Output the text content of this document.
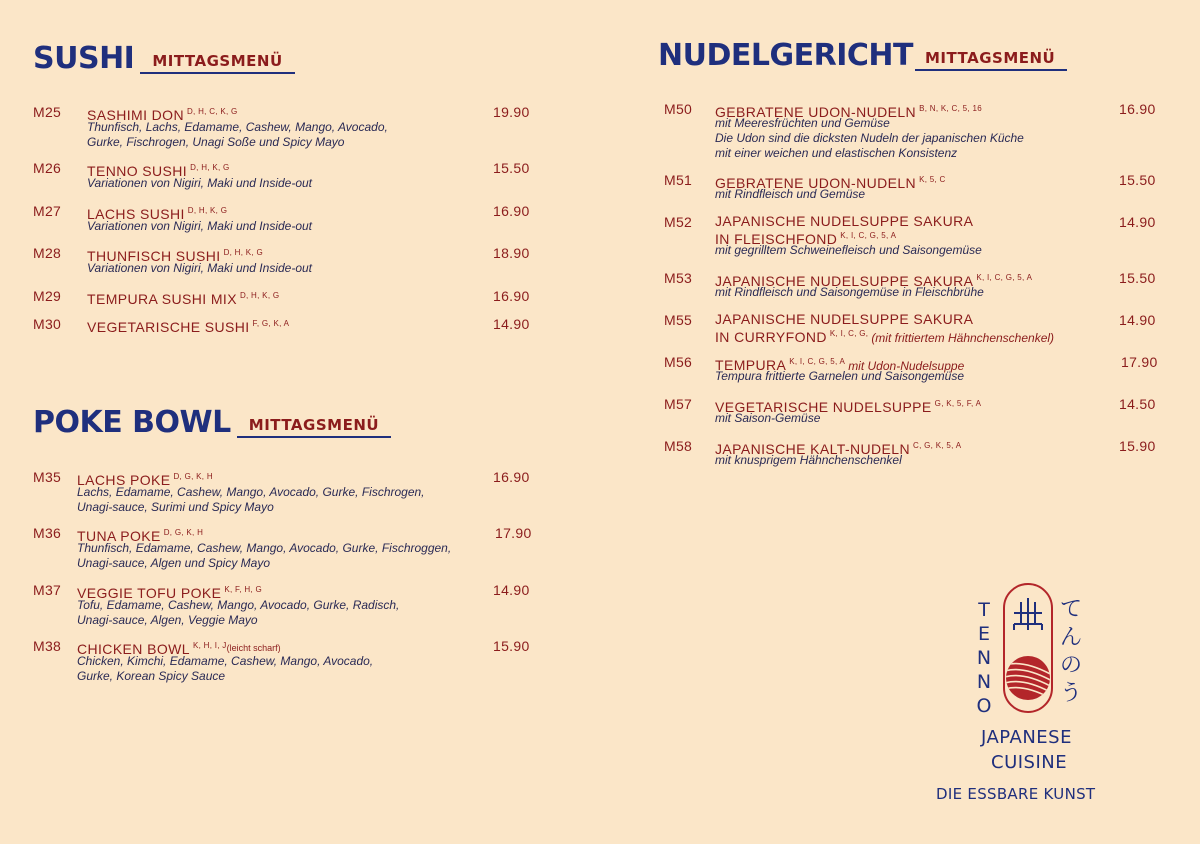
SUSHI	MITTAGSMENÜ
M25 SASHIMI DON $^{D, H, C, K, G}$
Thunfisch, Lachs, Edamame, Cashew, Mango, Avocado,
Gurke, Fischrogen, Unagi Soße und Spicy Mayo
19.90
M26 TENNO SUSHI $^{D, H, K, G}$
Variationen von Nigiri, Maki und Inside-out
15.50
M27 LACHS SUSHI $^{D, H, K, G}$
Variationen von Nigiri, Maki und Inside-out
16.90
M28 THUNFISCH SUSHI $^{D, H, K, G}$
Variationen von Nigiri, Maki und Inside-out
18.90
M29 TEMPURA SUSHI MIX $^{D, H, K, G}$	16.90
M30 VEGETARISCHE SUSHI $^{F, G, K, A}$	14.90
POKE BOWL	MITTAGSMENÜ
M35 LACHS POKE $^{D, G, K, H}$
Lachs, Edamame, Cashew, Mango, Avocado, Gurke, Fischrogen,
Unagi-sauce, Surimi und Spicy Mayo
16.90
M36 TUNA POKE $^{D, G, K, H}$
Thunfisch, Edamame, Cashew, Mango, Avocado, Gurke, Fischroggen,
Unagi-sauce, Algen und Spicy Mayo
17.90
M37 VEGGIE TOFU POKE $^{K, F, H, G}$
Tofu, Edamame, Cashew, Mango, Avocado, Gurke, Radisch,
Unagi-sauce, Algen, Veggie Mayo
14.90
M38 CHICKEN BOWL $^{K, H, I, J(leicht scharf)}$
Chicken, Kimchi, Edamame, Cashew, Mango, Avocado,
Gurke, Korean Spicy Sauce
15.90
NUDELGERICHT MITTAGSMENÜ
M50 GEBRATENE UDON-NUDELN $^{B, N, K, C, 5, 16}$
mit Meeresfrüchten und Gemüse
Die Udon sind die dicksten Nudeln der japanischen Küche
mit einer weichen und elastischen Konsistenz
16.90
M51 GEBRATENE UDON-NUDELN $^{K, 5, C}$
mit Rindfleisch und Gemüse
15.50
M52 JAPANISCHE NUDELSUPPE SAKURA
IN FLEISCHFOND $^{K, I, C, G, 5, A}$
mit gegrilltem Schweinefleisch und Saisongemüse
14.90
M53 JAPANISCHE NUDELSUPPE SAKURA $^{K, I, C, G, 5, A}$
mit Rindfleisch und Saisongemüse in Fleischbrühe
15.50
M55 JAPANISCHE NUDELSUPPE SAKURA
IN CURRYFOND $^{K, I, C, G,}$ (mit frittiertem Hähnchenschenkel)
14.90
M56 TEMPURA $^{K, I, C, G, 5, A}$ mit Udon-Nudelsuppe
Tempura frittierte Garnelen und Saisongemüse
17.90
M57 VEGETARISCHE NUDELSUPPE $^{G, K, 5, F, A}$
mit Saison-Gemüse
14.50
M58 JAPANISCHE KALT-NUDELN $^{C, G, K, 5, A}$
mit knusprigem Hähnchenschenkel
15.90
TENNO
てんのう
JAPANESE
CUISINE
DIE ESSBARE KUNST
